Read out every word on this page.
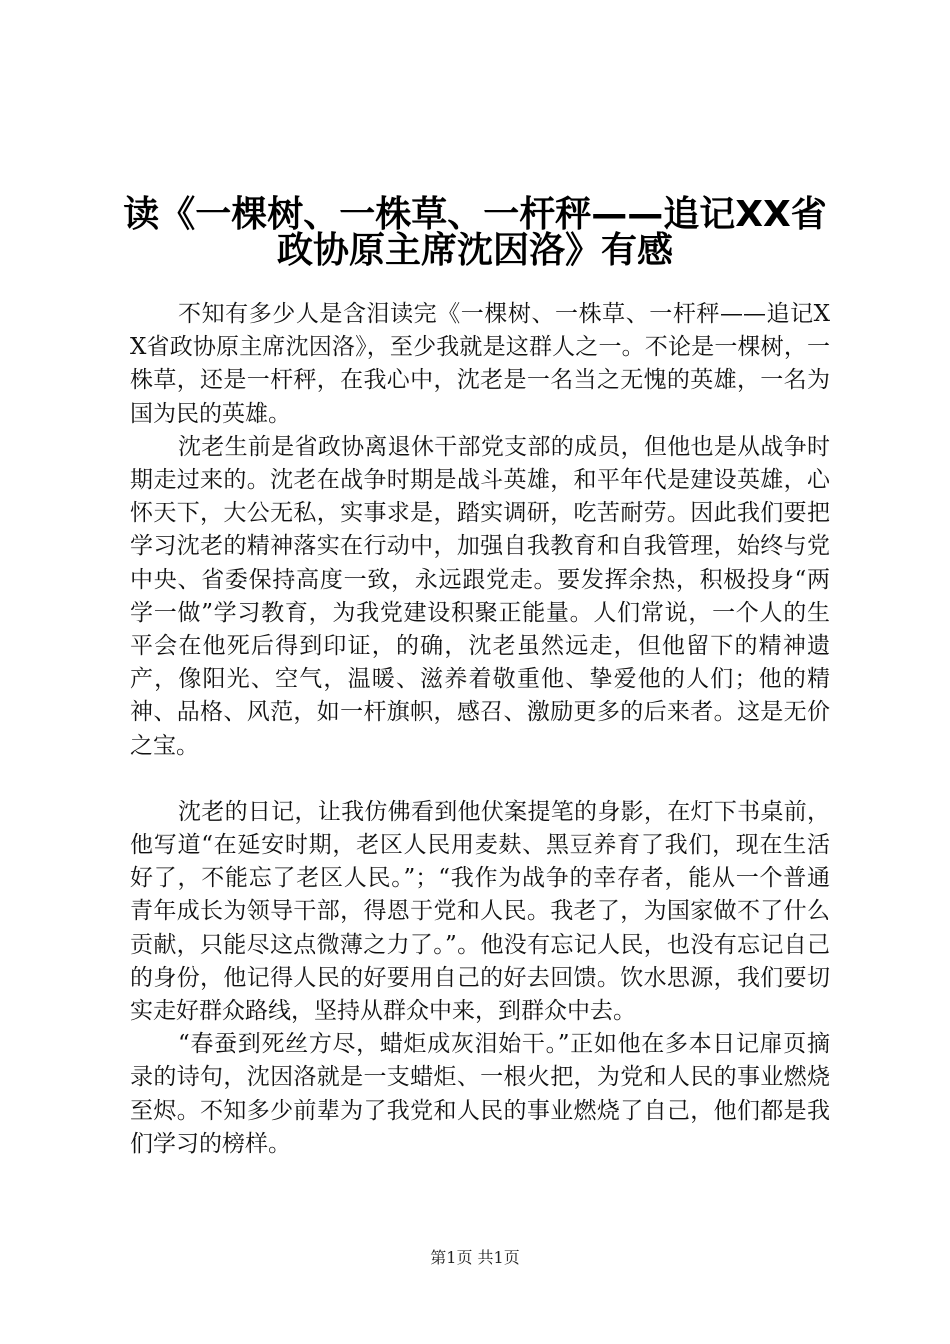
读《一棵树、一株草、一杆秤——追记XX省
政协原主席沈因洛》有感

不知有多少人是含泪读完《一棵树、一株草、一杆秤——追记XX省政协原主席沈因洛》，至少我就是这群人之一。不论是一棵树，一株草，还是一杆秤，在我心中，沈老是一名当之无愧的英雄，一名为国为民的英雄。

沈老生前是省政协离退休干部党支部的成员，但他也是从战争时期走过来的。沈老在战争时期是战斗英雄，和平年代是建设英雄，心怀天下，大公无私，实事求是，踏实调研，吃苦耐劳。因此我们要把学习沈老的精神落实在行动中，加强自我教育和自我管理，始终与党中央、省委保持高度一致，永远跟党走。要发挥余热，积极投身“两学一做”学习教育，为我党建设积聚正能量。人们常说，一个人的生平会在他死后得到印证，的确，沈老虽然远走，但他留下的精神遗产，像阳光、空气，温暖、滋养着敬重他、挚爱他的人们；他的精神、品格、风范，如一杆旗帜，感召、激励更多的后来者。这是无价之宝。

沈老的日记，让我仿佛看到他伏案提笔的身影，在灯下书桌前，他写道“在延安时期，老区人民用麦麸、黑豆养育了我们，现在生活好了，不能忘了老区人民。”；“我作为战争的幸存者，能从一个普通青年成长为领导干部，得恩于党和人民。我老了，为国家做不了什么贡献，只能尽这点微薄之力了。”。他没有忘记人民，也没有忘记自己的身份，他记得人民的好要用自己的好去回馈。饮水思源，我们要切实走好群众路线，坚持从群众中来，到群众中去。

“春蚕到死丝方尽，蜡炬成灰泪始干。”正如他在多本日记扉页摘录的诗句，沈因洛就是一支蜡炬、一根火把，为党和人民的事业燃烧至烬。不知多少前辈为了我党和人民的事业燃烧了自己，他们都是我们学习的榜样。

第1页 共1页
